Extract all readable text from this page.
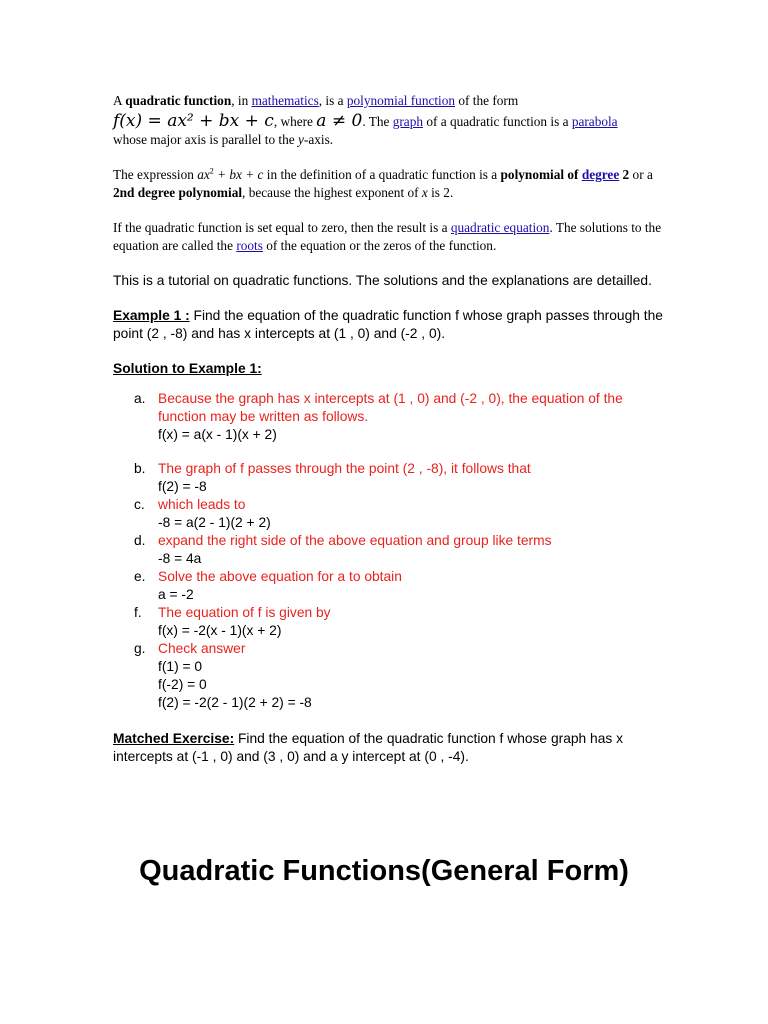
A quadratic function, in mathematics, is a polynomial function of the form
f(x) = ax² + bx + c, where a ≠ 0. The graph of a quadratic function is a parabola
whose major axis is parallel to the y-axis.

The expression $ax^2$ + bx + c in the definition of a quadratic function is a polynomial of degree 2 or a 2nd degree polynomial, because the highest exponent of x is 2.

If the quadratic function is set equal to zero, then the result is a quadratic equation. The solutions to the equation are called the roots of the equation or the zeros of the function.

This is a tutorial on quadratic functions. The solutions and the explanations are detailled.

Example 1 : Find the equation of the quadratic function f whose graph passes through the point (2 , -8) and has x intercepts at (1 , 0) and (-2 , 0).

Solution to Example 1:

a. Because the graph has x intercepts at (1 , 0) and (-2 , 0), the equation of the function may be written as follows.
f(x) = a(x - 1)(x + 2)
b. The graph of f passes through the point (2 , -8), it follows that
f(2) = -8
c. which leads to
-8 = a(2 - 1)(2 + 2)
d. expand the right side of the above equation and group like terms
-8 = 4a
e. Solve the above equation for a to obtain
a = -2
f. The equation of f is given by
f(x) = -2(x - 1)(x + 2)
g. Check answer
f(1) = 0
f(-2) = 0
f(2) = -2(2 - 1)(2 + 2) = -8

Matched Exercise: Find the equation of the quadratic function f whose graph has x intercepts at (-1 , 0) and (3 , 0) and a y intercept at (0 , -4).

Quadratic Functions(General Form)
